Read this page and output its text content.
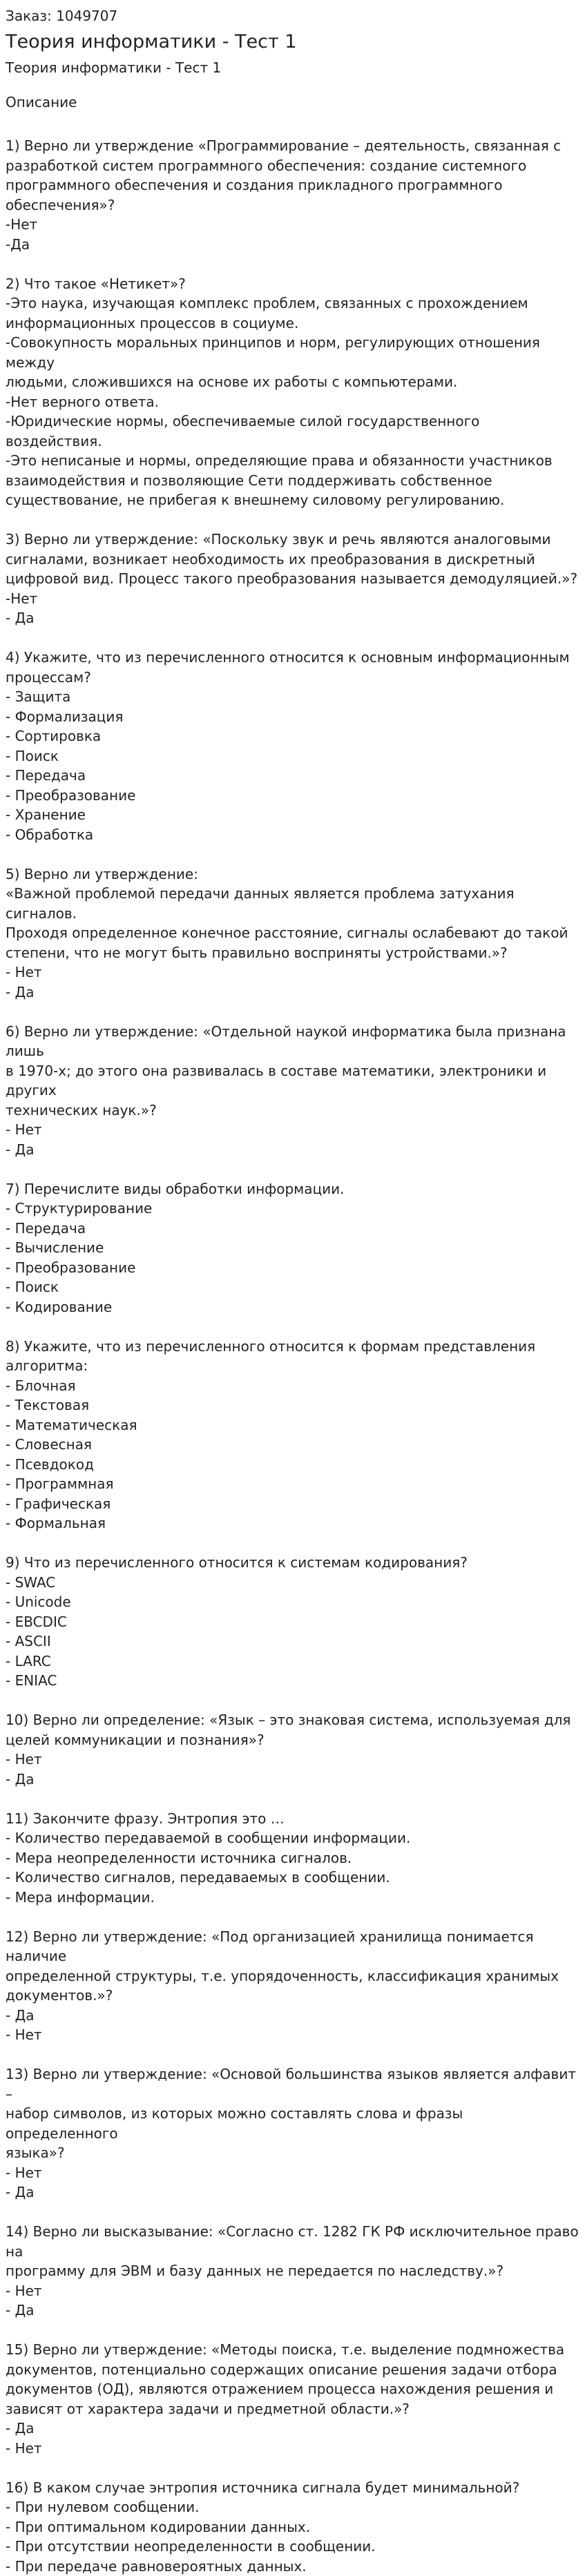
Заказ: 1049707

Теория информатики - Тест 1

Теория информатики - Тест 1

Описание

1) Верно ли утверждение «Программирование – деятельность, связанная с

разработкой систем программного обеспечения: создание системного

программного обеспечения и создания прикладного программного

обеспечения»?

-Нет

-Да

2) Что такое «Нетикет»?

-Это наука, изучающая комплекс проблем, связанных с прохождением

информационных процессов в социуме.

-Совокупность моральных принципов и норм, регулирующих отношения между

людьми, сложившихся на основе их работы с компьютерами.

-Нет верного ответа.

-Юридические нормы, обеспечиваемые силой государственного воздействия.

-Это неписаные и нормы, определяющие права и обязанности участников

взаимодействия и позволяющие Сети поддерживать собственное

существование, не прибегая к внешнему силовому регулированию.

3) Верно ли утверждение: «Поскольку звук и речь являются аналоговыми

сигналами, возникает необходимость их преобразования в дискретный

цифровой вид. Процесс такого преобразования называется демодуляцией.»?

-Нет

- Да

4) Укажите, что из перечисленного относится к основным информационным

процессам?

- Защита

- Формализация

- Сортировка

- Поиск

- Передача

- Преобразование

- Хранение

- Обработка

5) Верно ли утверждение:

«Важной проблемой передачи данных является проблема затухания сигналов.

Проходя определенное конечное расстояние, сигналы ослабевают до такой

степени, что не могут быть правильно восприняты устройствами.»?

- Нет

- Да

6) Верно ли утверждение: «Отдельной наукой информатика была признана лишь

в 1970-х; до этого она развивалась в составе математики, электроники и других

технических наук.»?

- Нет

- Да

7) Перечислите виды обработки информации.

- Структурирование

- Передача

- Вычисление

- Преобразование

- Поиск

- Кодирование

8) Укажите, что из перечисленного относится к формам представления

алгоритма:

- Блочная

- Текстовая

- Математическая

- Словесная

- Псевдокод

- Программная

- Графическая

- Формальная

9) Что из перечисленного относится к системам кодирования?

- SWAC

- Unicode

- EBCDIC

- ASCII

- LARC

- ENIAC

10) Верно ли определение: «Язык – это знаковая система, используемая для

целей коммуникации и познания»?

- Нет

- Да

11) Закончите фразу. Энтропия это …

- Количество передаваемой в сообщении информации.

- Мера неопределенности источника сигналов.

- Количество сигналов, передаваемых в сообщении.

- Мера информации.

12) Верно ли утверждение: «Под организацией хранилища понимается наличие

определенной структуры, т.е. упорядоченность, классификация хранимых

документов.»?

- Да

- Нет

13) Верно ли утверждение: «Основой большинства языков является алфавит –

набор символов, из которых можно составлять слова и фразы определенного

языка»?

- Нет

- Да

14) Верно ли высказывание: «Согласно ст. 1282 ГК РФ исключительное право на

программу для ЭВМ и базу данных не передается по наследству.»?

- Нет

- Да

15) Верно ли утверждение: «Методы поиска, т.е. выделение подмножества

документов, потенциально содержащих описание решения задачи отбора

документов (ОД), являются отражением процесса нахождения решения и

зависят от характера задачи и предметной области.»?

- Да

- Нет

16) В каком случае энтропия источника сигнала будет минимальной?

- При нулевом сообщении.

- При оптимальном кодировании данных.

- При отсутствии неопределенности в сообщении.

- При передаче равновероятных данных.
